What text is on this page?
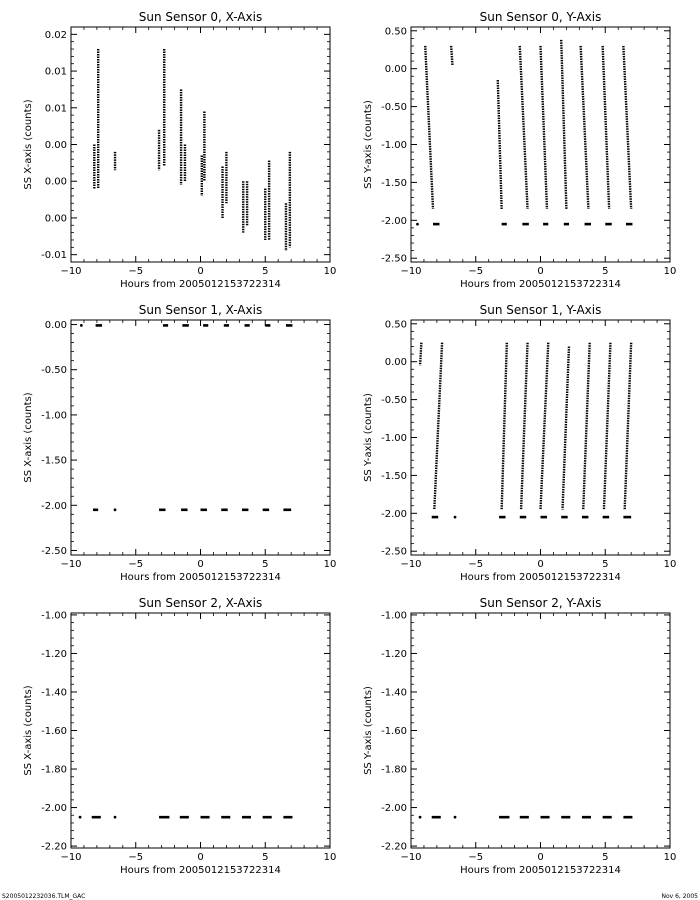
Sun Sensor 0, X-Axis
Hours from 2005012153722314
SS X-axis (counts)
−10	−5	0	5	10
-0.01
0.00
0.00
0.00
0.01
0.01
0.02
Sun Sensor 0, Y-Axis
Hours from 2005012153722314
SS Y-axis (counts)
−10	−5	0	5	10
-2.50
-2.00
-1.50
-1.00
-0.50
0.00
0.50
Sun Sensor 1, X-Axis
Hours from 2005012153722314
SS X-axis (counts)
−10	−5	0	5	10
-2.50
-2.00
-1.50
-1.00
-0.50
0.00
Sun Sensor 1, Y-Axis
Hours from 2005012153722314
SS Y-axis (counts)
−10	−5	0	5	10
-2.50
-2.00
-1.50
-1.00
-0.50
0.00
0.50
Sun Sensor 2, X-Axis
Hours from 2005012153722314
SS X-axis (counts)
−10	−5	0	5	10
-2.20
-2.00
-1.80
-1.60
-1.40
-1.20
-1.00
Sun Sensor 2, Y-Axis
Hours from 2005012153722314
SS Y-axis (counts)
−10	−5	0	5	10
-2.20
-2.00
-1.80
-1.60
-1.40
-1.20
-1.00
S2005012232036.TLM_GAC	Nov 6, 2005
